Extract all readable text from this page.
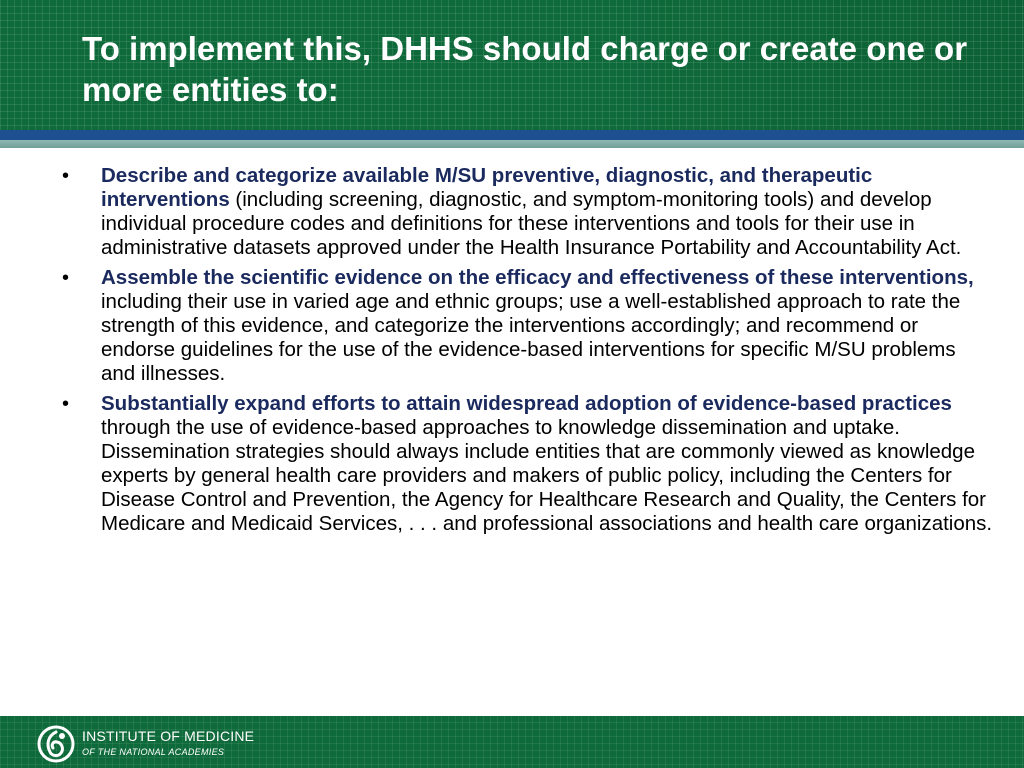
To implement this, DHHS should charge or create one or more entities to:
• Describe and categorize available M/SU preventive, diagnostic, and therapeutic interventions (including screening, diagnostic, and symptom-monitoring tools) and develop individual procedure codes and definitions for these interventions and tools for their use in administrative datasets approved under the Health Insurance Portability and Accountability Act.
• Assemble the scientific evidence on the efficacy and effectiveness of these interventions, including their use in varied age and ethnic groups; use a well-established approach to rate the strength of this evidence, and categorize the interventions accordingly; and recommend or endorse guidelines for the use of the evidence-based interventions for specific M/SU problems and illnesses.
• Substantially expand efforts to attain widespread adoption of evidence-based practices through the use of evidence-based approaches to knowledge dissemination and uptake. Dissemination strategies should always include entities that are commonly viewed as knowledge experts by general health care providers and makers of public policy, including the Centers for Disease Control and Prevention, the Agency for Healthcare Research and Quality, the Centers for Medicare and Medicaid Services, . . . and professional associations and health care organizations.
INSTITUTE OF MEDICINE
OF THE NATIONAL ACADEMIES
